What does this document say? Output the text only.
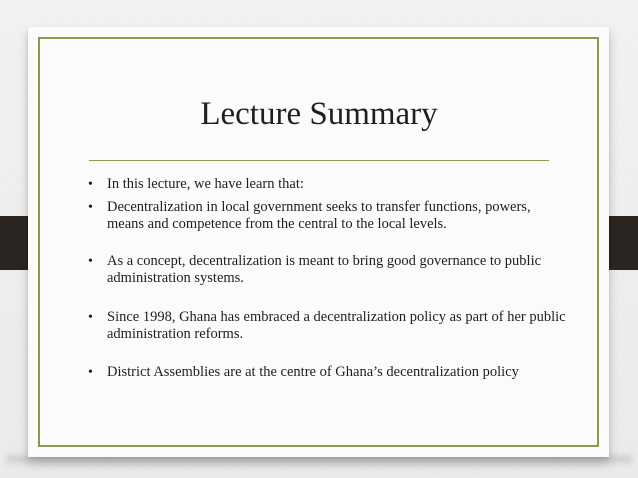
Lecture Summary
• In this lecture, we have learn that:
• Decentralization in local government seeks to transfer functions, powers, means and competence from the central to the local levels.
• As a concept, decentralization is meant to bring good governance to public administration systems.
• Since 1998, Ghana has embraced a decentralization policy as part of her public administration reforms.
• District Assemblies are at the centre of Ghana’s decentralization policy
